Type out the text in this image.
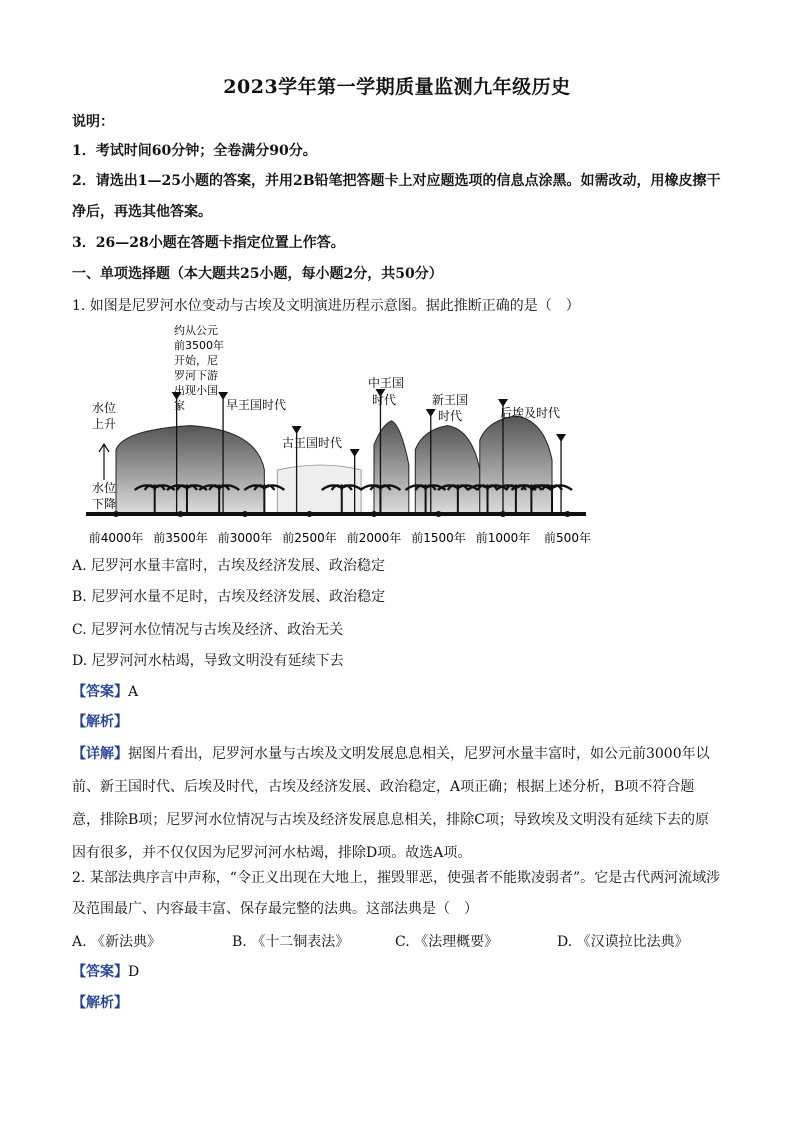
2023学年第一学期质量监测九年级历史
说明：
1．考试时间60分钟；全卷满分90分。
2．请选出1—25小题的答案，并用2B铅笔把答题卡上对应题选项的信息点涂黑。如需改动，用橡皮擦干净后，再选其他答案。
3．26—28小题在答题卡指定位置上作答。
一、单项选择题（本大题共25小题，每小题2分，共50分）
1. 如图是尼罗河水位变动与古埃及文明演进历程示意图。据此推断正确的是（　）
前4000年 前3500年 前3000年 前2500年 前2000年 前1500年 前1000年 前500年
水位
上升
水位
下降
约从公元
前3500年
开始，尼
罗河下游
出现小国
家	早王国时代
古王国时代
中王国
时代	新王国
时代	后埃及时代
A. 尼罗河水量丰富时，古埃及经济发展、政治稳定
B. 尼罗河水量不足时，古埃及经济发展、政治稳定
C. 尼罗河水位情况与古埃及经济、政治无关
D. 尼罗河河水枯竭，导致文明没有延续下去
【答案】A
【解析】
【详解】据图片看出，尼罗河水量与古埃及文明发展息息相关，尼罗河水量丰富时，如公元前3000年以前、新王国时代、后埃及时代，古埃及经济发展、政治稳定，A项正确；根据上述分析，B项不符合题意，排除B项；尼罗河水位情况与古埃及经济发展息息相关，排除C项；导致埃及文明没有延续下去的原因有很多，并不仅仅因为尼罗河河水枯竭，排除D项。故选A项。
2. 某部法典序言中声称，“令正义出现在大地上，摧毁罪恶，使强者不能欺凌弱者”。它是古代两河流域涉
及范围最广、内容最丰富、保存最完整的法典。这部法典是（　）
A. 《新法典》	B. 《十二铜表法》	C. 《法理概要》	D. 《汉谟拉比法典》
【答案】D
【解析】
